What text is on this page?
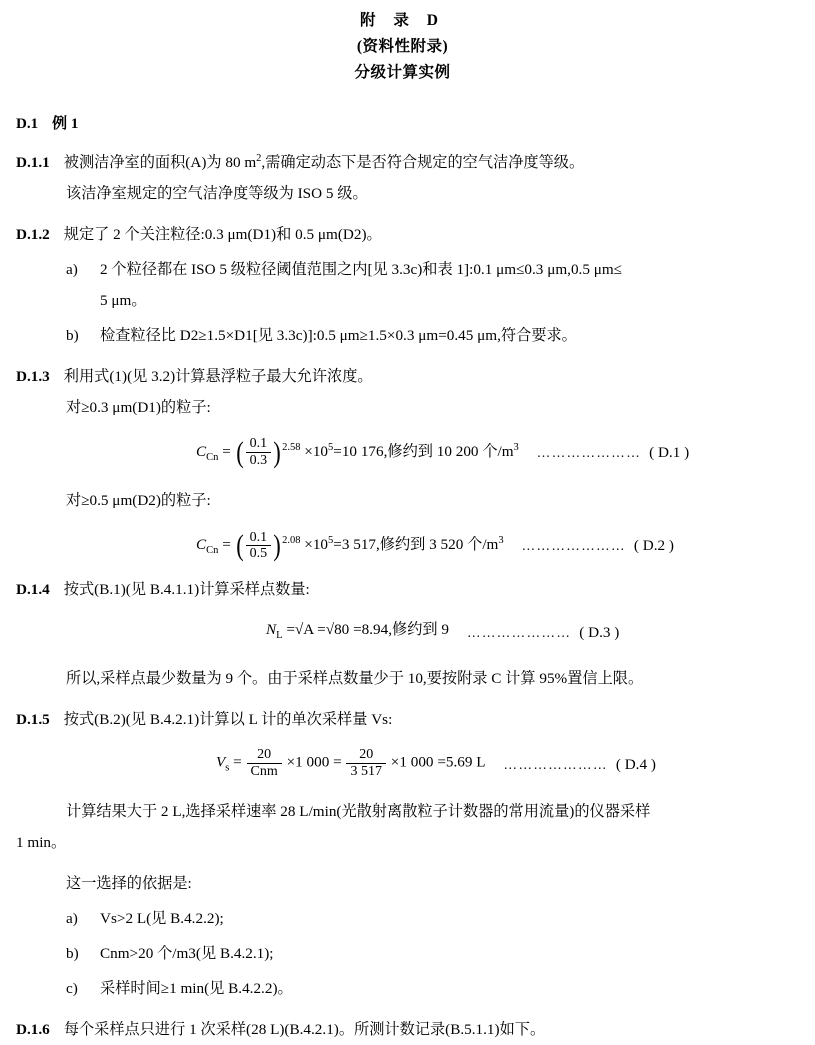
附 录 D
(资料性附录)
分级计算实例
D.1 例 1

D.1.1 被测洁净室的面积(A)为 80 $m^2$,需确定动态下是否符合规定的空气洁净度等级。

该洁净室规定的空气洁净度等级为 ISO 5 级。

D.1.2 规定了 2 个关注粒径:0.3 μm(D1)和 0.5 μm(D2)。

a)	2 个粒径都在 ISO 5 级粒径阈值范围之内[见 3.3c)和表 1]:0.1 μm≤0.3 μm,0.5 μm≤

5 μm。

b)	检查粒径比 D2≥1.5×D1[见 3.3c)]:0.5 μm≥1.5×0.3 μm=0.45 μm,符合要求。

D.1.3 利用式(1)(见 3.2)计算悬浮粒子最大允许浓度。

对≥0.3 μm(D1)的粒子:

$C_{Cn}$ = ( $\frac{0.1}{0.3} )^{2.58} \times 10^5=10$ 176,修约到 10 200 个$/m^3$ ………………… ( D.1 )

对≥0.5 μm(D2)的粒子:

$C_{Cn}$ = ( $\frac{0.1}{0.5} )^{2.08} \times 10^5=3$ 517,修约到 3 520 个$/m^3$ ………………… ( D.2 )

D.1.4 按式(B.1)(见 B.4.1.1)计算采样点数量:

$N_L =√A =√80 =8.94$,修约到 9 ………………… ( D.3 )

所以,采样点最少数量为 9 个。由于采样点数量少于 10,要按附录 C 计算 95%置信上限。

D.1.5 按式(B.2)(见 B.4.2.1)计算以 L 计的单次采样量 Vs:

$V_s = \frac{20}{\text{Cnm}} \times 1$ $000 = \frac{20}{3 517} \times 1$ 000 =5.69 L ………………… ( D.4 )

计算结果大于 2 L,选择采样速率 28 L/min(光散射离散粒子计数器的常用流量)的仪器采样

1 min。

这一选择的依据是:

a)	Vs>2 L(见 B.4.2.2);
b)	Cnm>20 个/m3(见 B.4.2.1);
c)	采样时间≥1 min(见 B.4.2.2)。

D.1.6 每个采样点只进行 1 次采样(28 L)(B.4.2.1)。所测计数记录(B.5.1.1)如下。
